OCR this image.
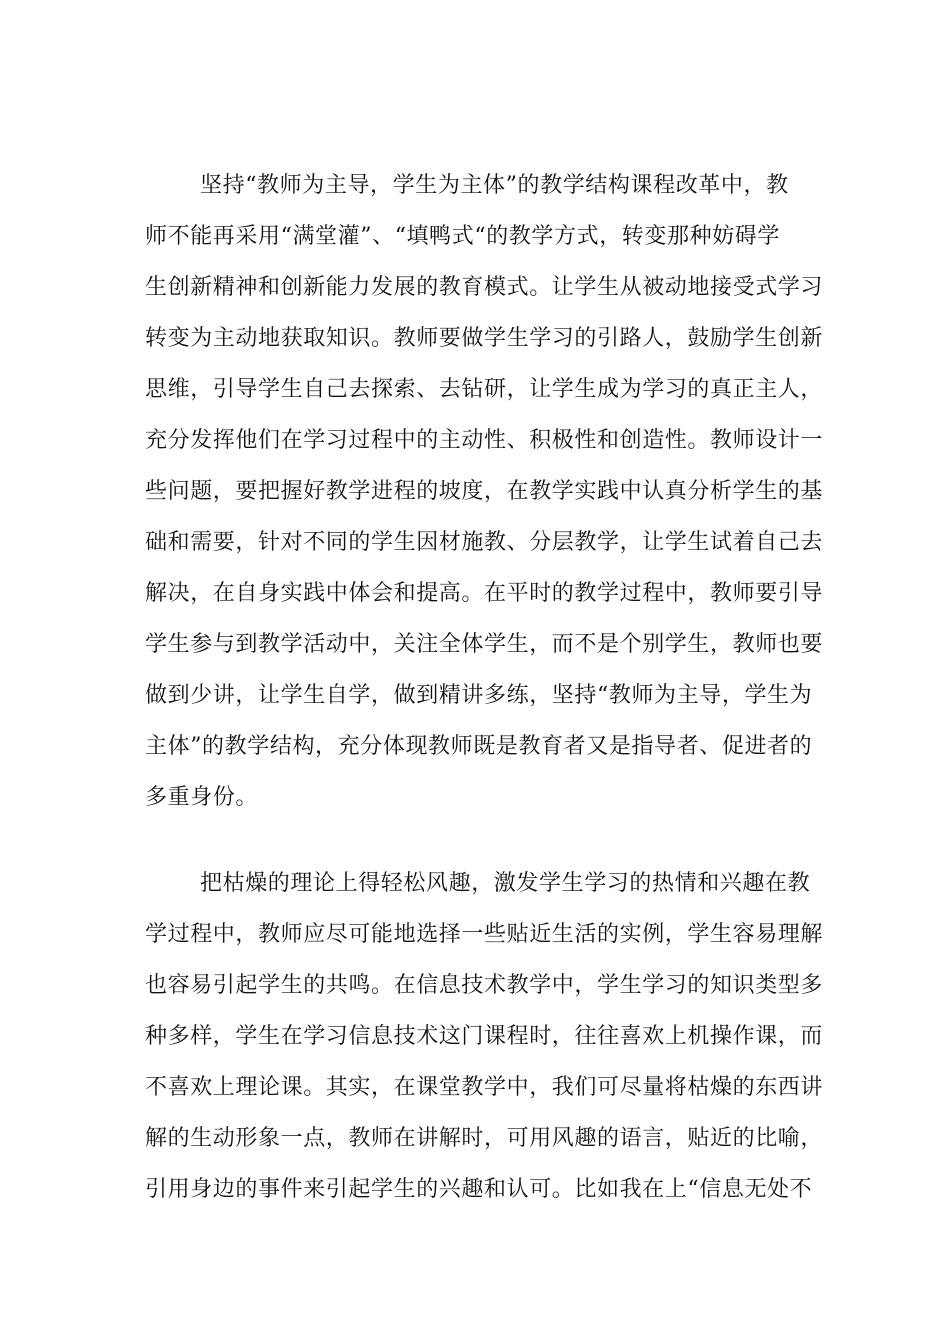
坚持“教师为主导，学生为主体”的教学结构课程改革中，教
师不能再采用“满堂灌”、“填鸭式“的教学方式，转变那种妨碍学
生创新精神和创新能力发展的教育模式。让学生从被动地接受式学习
转变为主动地获取知识。教师要做学生学习的引路人，鼓励学生创新
思维，引导学生自己去探索、去钻研，让学生成为学习的真正主人，
充分发挥他们在学习过程中的主动性、积极性和创造性。教师设计一
些问题，要把握好教学进程的坡度，在教学实践中认真分析学生的基
础和需要，针对不同的学生因材施教、分层教学，让学生试着自己去
解决，在自身实践中体会和提高。在平时的教学过程中，教师要引导
学生参与到教学活动中，关注全体学生，而不是个别学生，教师也要
做到少讲，让学生自学，做到精讲多练，坚持“教师为主导，学生为
主体”的教学结构，充分体现教师既是教育者又是指导者、促进者的
多重身份。
把枯燥的理论上得轻松风趣，激发学生学习的热情和兴趣在教
学过程中，教师应尽可能地选择一些贴近生活的实例，学生容易理解
也容易引起学生的共鸣。在信息技术教学中，学生学习的知识类型多
种多样，学生在学习信息技术这门课程时，往往喜欢上机操作课，而
不喜欢上理论课。其实，在课堂教学中，我们可尽量将枯燥的东西讲
解的生动形象一点，教师在讲解时，可用风趣的语言，贴近的比喻，
引用身边的事件来引起学生的兴趣和认可。比如我在上“信息无处不
